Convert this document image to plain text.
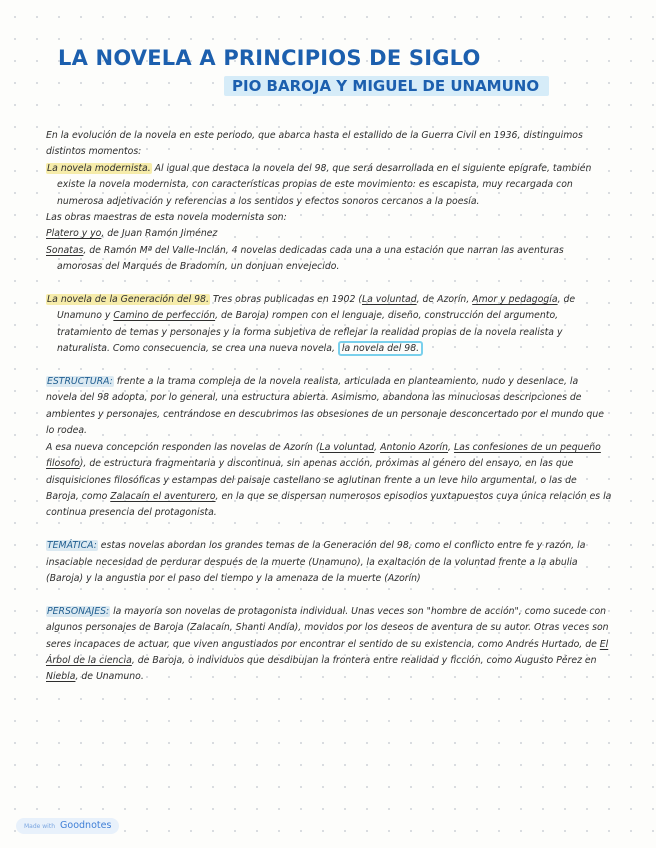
LA NOVELA A PRINCIPIOS DE SIGLO
PIO BAROJA Y MIGUEL DE UNAMUNO

En la evolución de la novela en este periodo, que abarca hasta el estallido de la Guerra Civil en 1936, distinguimos distintos momentos:

La novela modernista. Al igual que destaca la novela del 98, que será desarrollada en el siguiente epígrafe, también existe la novela modernista, con características propias de este movimiento: es escapista, muy recargada con numerosa adjetivación y referencias a los sentidos y efectos sonoros cercanos a la poesía.

Las obras maestras de esta novela modernista son:

Platero y yo, de Juan Ramón Jiménez

Sonatas, de Ramón Mª del Valle-Inclán, 4 novelas dedicadas cada una a una estación que narran las aventuras amorosas del Marqués de Bradomín, un donjuan envejecido.

La novela de la Generación del 98. Tres obras publicadas en 1902 (La voluntad, de Azorín, Amor y pedagogía, de Unamuno y Camino de perfección, de Baroja) rompen con el lenguaje, diseño, construcción del argumento, tratamiento de temas y personajes y la forma subjetiva de reflejar la realidad propias de la novela realista y naturalista. Como consecuencia, se crea una nueva novela, la novela del 98.

ESTRUCTURA: frente a la trama compleja de la novela realista, articulada en planteamiento, nudo y desenlace, la novela del 98 adopta, por lo general, una estructura abierta. Asimismo, abandona las minuciosas descripciones de ambientes y personajes, centrándose en descubrimos las obsesiones de un personaje desconcertado por el mundo que lo rodea.

A esa nueva concepción responden las novelas de Azorín (La voluntad, Antonio Azorín, Las confesiones de un pequeño filosofo), de estructura fragmentaria y discontinua, sin apenas acción, próximas al género del ensayo, en las que disquisiciones filosóficas y estampas del paisaje castellano se aglutinan frente a un leve hilo argumental, o las de Baroja, como Zalacaín el aventurero, en la que se dispersan numerosos episodios yuxtapuestos cuya única relación es la continua presencia del protagonista.

TEMÁTICA: estas novelas abordan los grandes temas de la Generación del 98, como el conflicto entre fe y razón, la insaciable necesidad de perdurar después de la muerte (Unamuno), la exaltación de la voluntad frente a la abulia (Baroja) y la angustia por el paso del tiempo y la amenaza de la muerte (Azorín)

PERSONAJES: la mayoría son novelas de protagonista individual. Unas veces son "hombre de acción", como sucede con algunos personajes de Baroja (Zalacaín, Shanti Andía), movidos por los deseos de aventura de su autor. Otras veces son seres incapaces de actuar, que viven angustiados por encontrar el sentido de su existencia, como Andrés Hurtado, de El Árbol de la ciencia, de Baroja, o individuos que desdibujan la frontera entre realidad y ficción, como Augusto Pérez en Niebla, de Unamuno.

Made with Goodnotes
